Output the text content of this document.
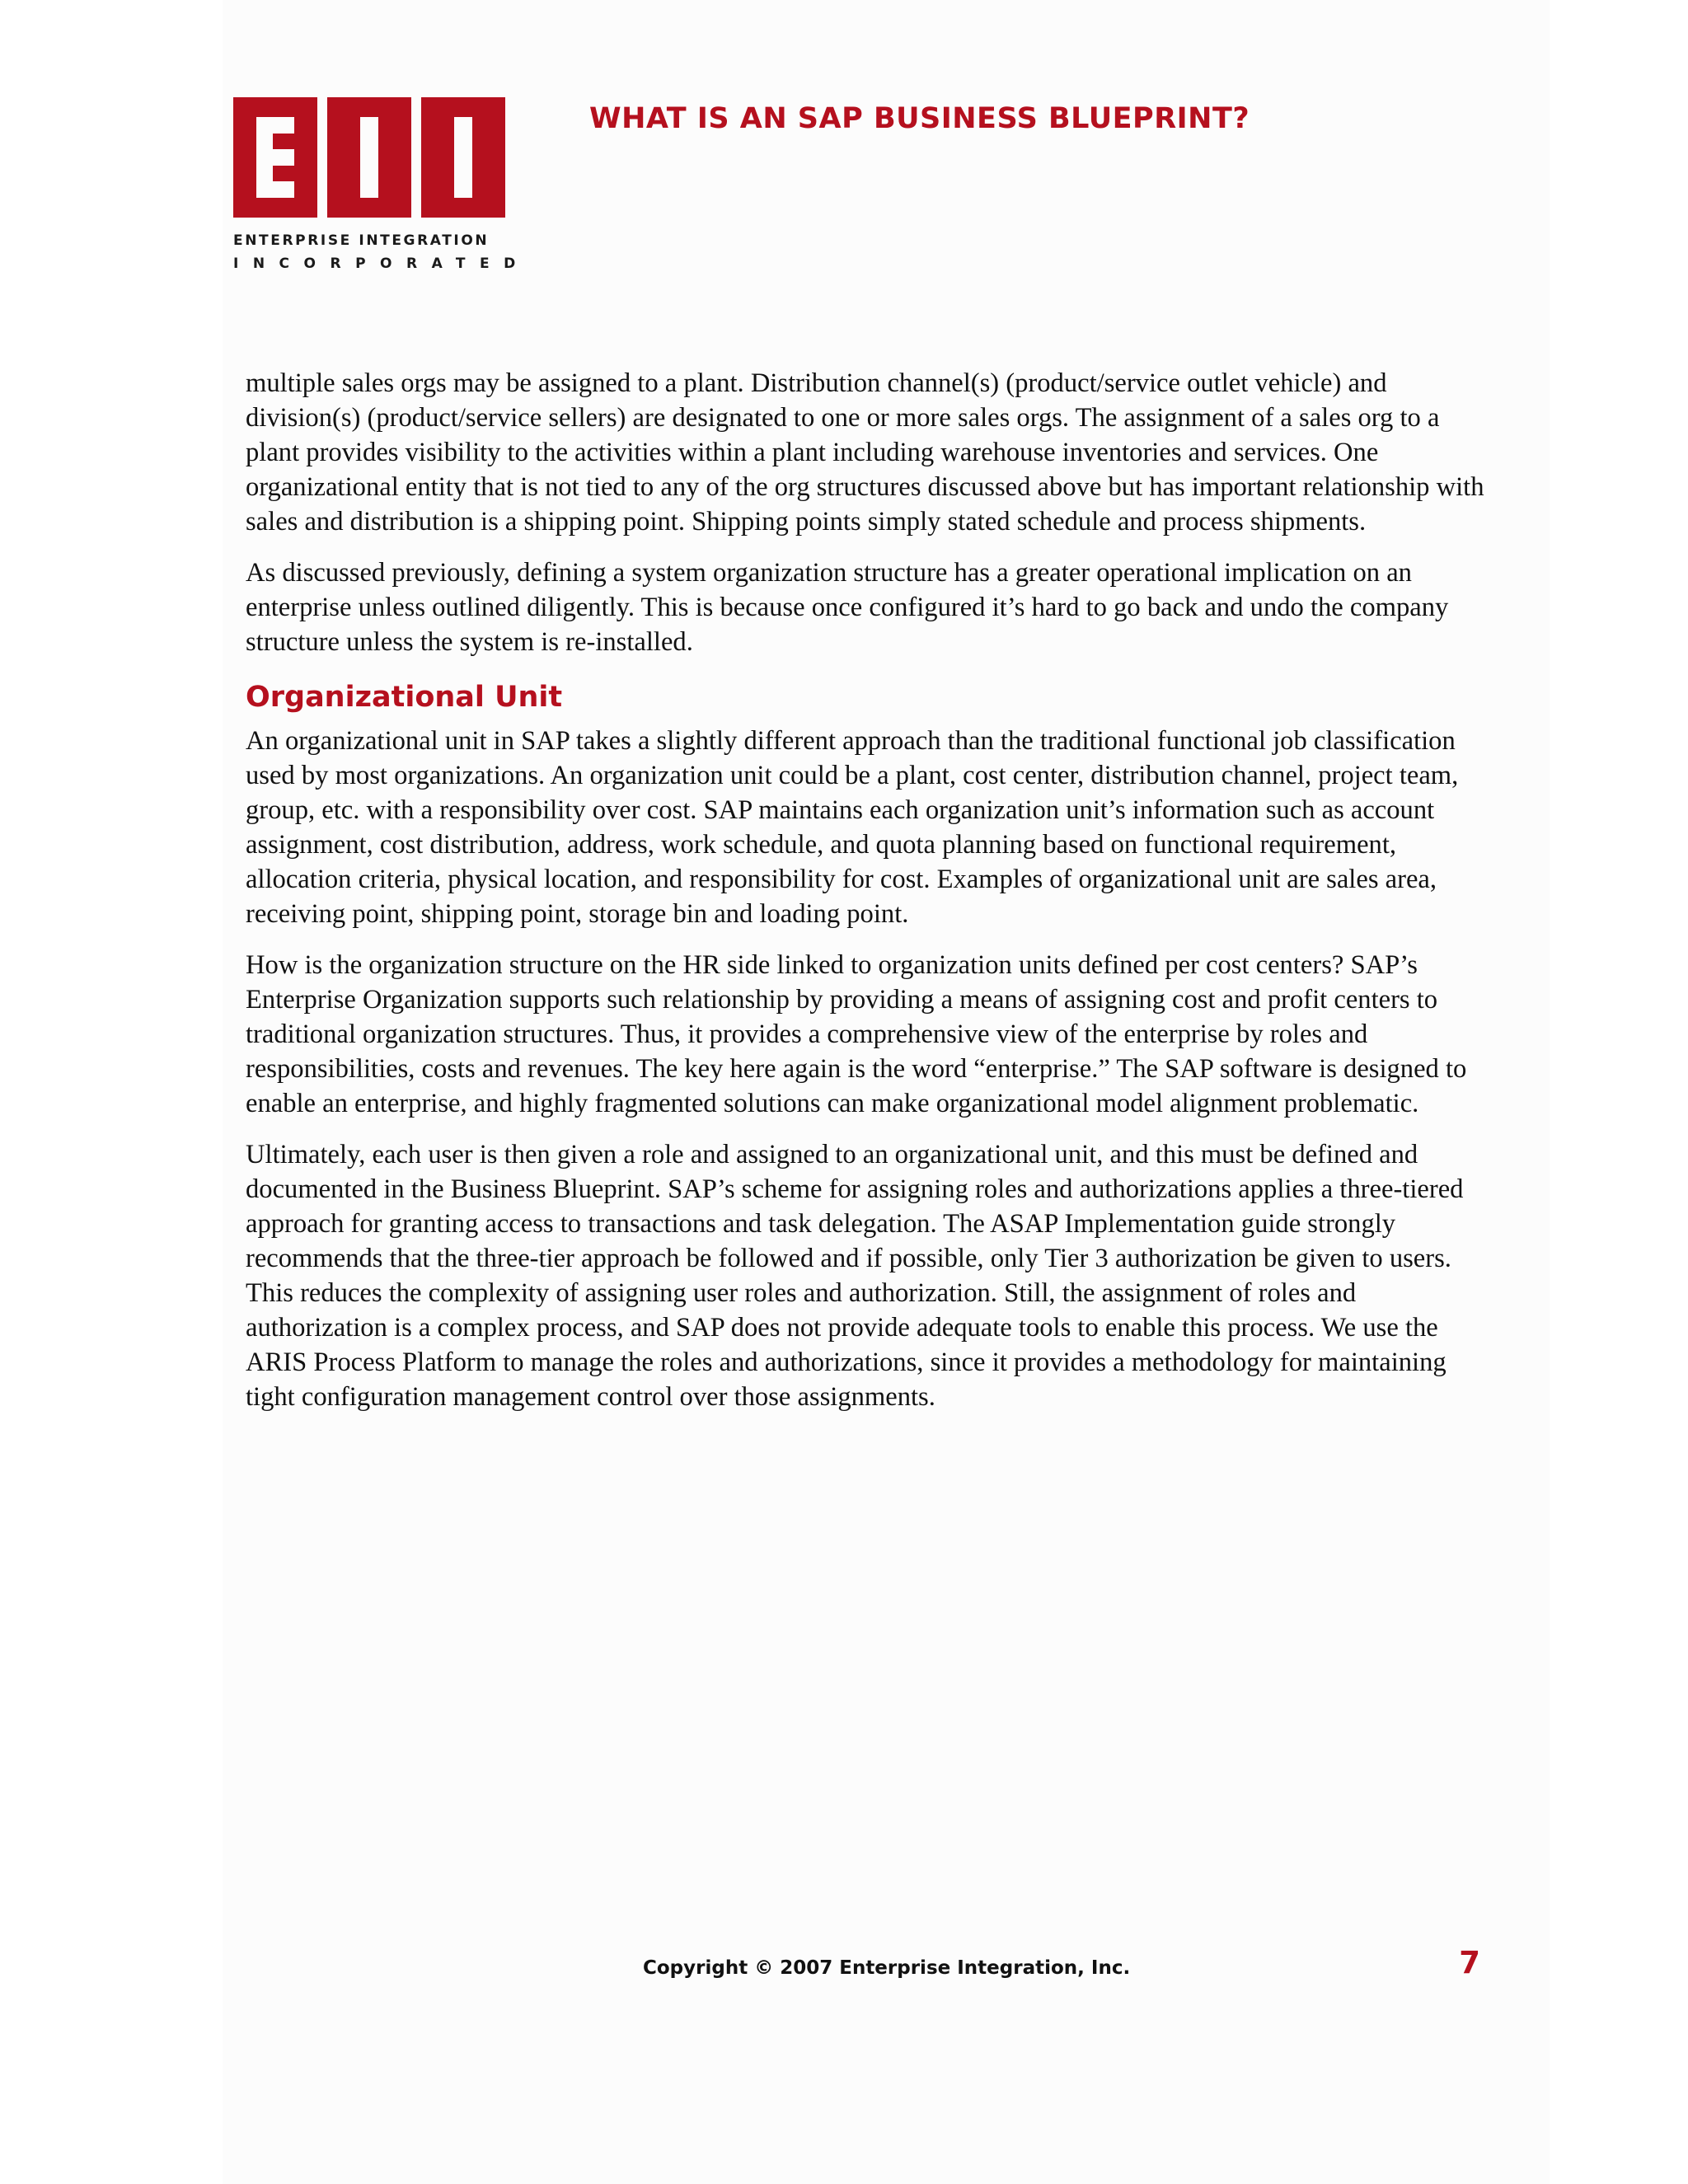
ENTERPRISE INTEGRATION
INCORPORATED
WHAT IS AN SAP BUSINESS BLUEPRINT?

multiple sales orgs may be assigned to a plant. Distribution channel(s) (product/service outlet vehicle) and division(s) (product/service sellers) are designated to one or more sales orgs. The assignment of a sales org to a plant provides visibility to the activities within a plant including warehouse inventories and services. One organizational entity that is not tied to any of the org structures discussed above but has important relationship with sales and distribution is a shipping point. Shipping points simply stated schedule and process shipments.

As discussed previously, defining a system organization structure has a greater operational implication on an enterprise unless outlined diligently. This is because once configured it’s hard to go back and undo the company structure unless the system is re-installed.

Organizational Unit

An organizational unit in SAP takes a slightly different approach than the traditional functional job classification used by most organizations. An organization unit could be a plant, cost center, distribution channel, project team, group, etc. with a responsibility over cost. SAP maintains each organization unit’s information such as account assignment, cost distribution, address, work schedule, and quota planning based on functional requirement, allocation criteria, physical location, and responsibility for cost. Examples of organizational unit are sales area, receiving point, shipping point, storage bin and loading point.

How is the organization structure on the HR side linked to organization units defined per cost centers? SAP’s Enterprise Organization supports such relationship by providing a means of assigning cost and profit centers to traditional organization structures. Thus, it provides a comprehensive view of the enterprise by roles and responsibilities, costs and revenues. The key here again is the word “enterprise.” The SAP software is designed to enable an enterprise, and highly fragmented solutions can make organizational model alignment problematic.

Ultimately, each user is then given a role and assigned to an organizational unit, and this must be defined and documented in the Business Blueprint. SAP’s scheme for assigning roles and authorizations applies a three-tiered approach for granting access to transactions and task delegation. The ASAP Implementation guide strongly recommends that the three-tier approach be followed and if possible, only Tier 3 authorization be given to users. This reduces the complexity of assigning user roles and authorization. Still, the assignment of roles and authorization is a complex process, and SAP does not provide adequate tools to enable this process. We use the ARIS Process Platform to manage the roles and authorizations, since it provides a methodology for maintaining tight configuration management control over those assignments.

Copyright © 2007 Enterprise Integration, Inc.	7
